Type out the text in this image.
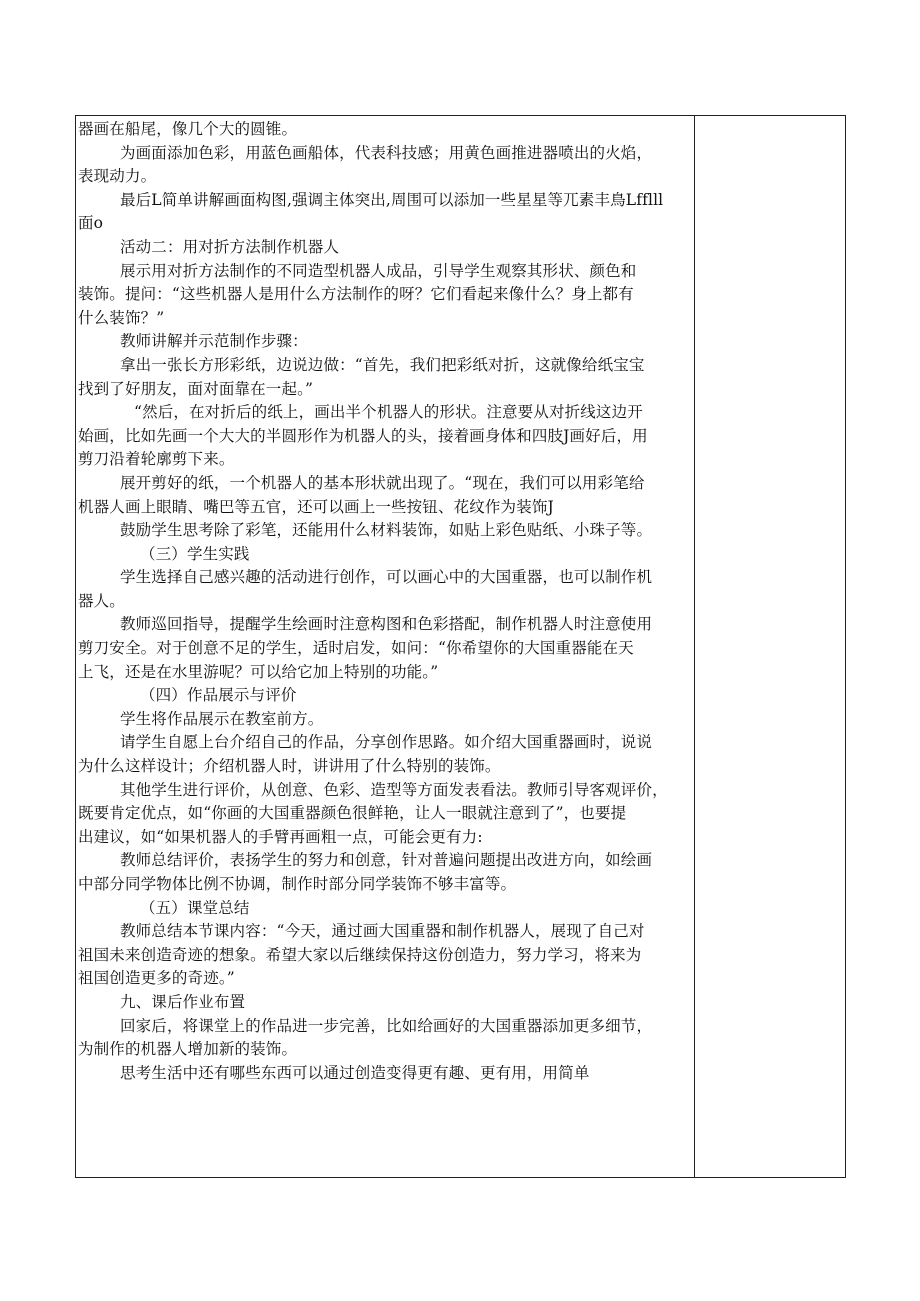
器画在船尾，像几个大的圆锥。
为画面添加色彩，用蓝色画船体，代表科技感；用黄色画推进器喷出的火焰，
表现动力。
最后L简单讲解画面构图,强调主体突出,周围可以添加一些星星等兀素丰鳥Lfflll
面o
活动二：用对折方法制作机器人
展示用对折方法制作的不同造型机器人成品，引导学生观察其形状、颜色和
装饰。提问：“这些机器人是用什么方法制作的呀？它们看起来像什么？身上都有
什么装饰？”
教师讲解并示范制作步骤：
拿出一张长方形彩纸，边说边做：“首先，我们把彩纸对折，这就像给纸宝宝
找到了好朋友，面对面靠在一起。”
“然后，在对折后的纸上，画出半个机器人的形状。注意要从对折线这边开
始画，比如先画一个大大的半圆形作为机器人的头，接着画身体和四肢J画好后，用
剪刀沿着轮廓剪下来。
展开剪好的纸，一个机器人的基本形状就出现了。“现在，我们可以用彩笔给
机器人画上眼睛、嘴巴等五官，还可以画上一些按钮、花纹作为装饰J
鼓励学生思考除了彩笔，还能用什么材料装饰，如贴上彩色贴纸、小珠子等。
（三）学生实践
学生选择自己感兴趣的活动进行创作，可以画心中的大国重器，也可以制作机
器人。
教师巡回指导，提醒学生绘画时注意构图和色彩搭配，制作机器人时注意使用
剪刀安全。对于创意不足的学生，适时启发，如问：“你希望你的大国重器能在天
上飞，还是在水里游呢？可以给它加上特别的功能。”
（四）作品展示与评价
学生将作品展示在教室前方。
请学生自愿上台介绍自己的作品，分享创作思路。如介绍大国重器画时，说说
为什么这样设计；介绍机器人时，讲讲用了什么特别的装饰。
其他学生进行评价，从创意、色彩、造型等方面发表看法。教师引导客观评价，
既要肯定优点，如“你画的大国重器颜色很鲜艳，让人一眼就注意到了”，也要提
出建议，如“如果机器人的手臂再画粗一点，可能会更有力:
教师总结评价，表扬学生的努力和创意，针对普遍问题提出改进方向，如绘画
中部分同学物体比例不协调，制作时部分同学装饰不够丰富等。
（五）课堂总结
教师总结本节课内容：“今天，通过画大国重器和制作机器人，展现了自己对
祖国未来创造奇迹的想象。希望大家以后继续保持这份创造力，努力学习，将来为
祖国创造更多的奇迹。”
九、课后作业布置
回家后，将课堂上的作品进一步完善，比如给画好的大国重器添加更多细节，
为制作的机器人增加新的装饰。
思考生活中还有哪些东西可以通过创造变得更有趣、更有用，用简单
